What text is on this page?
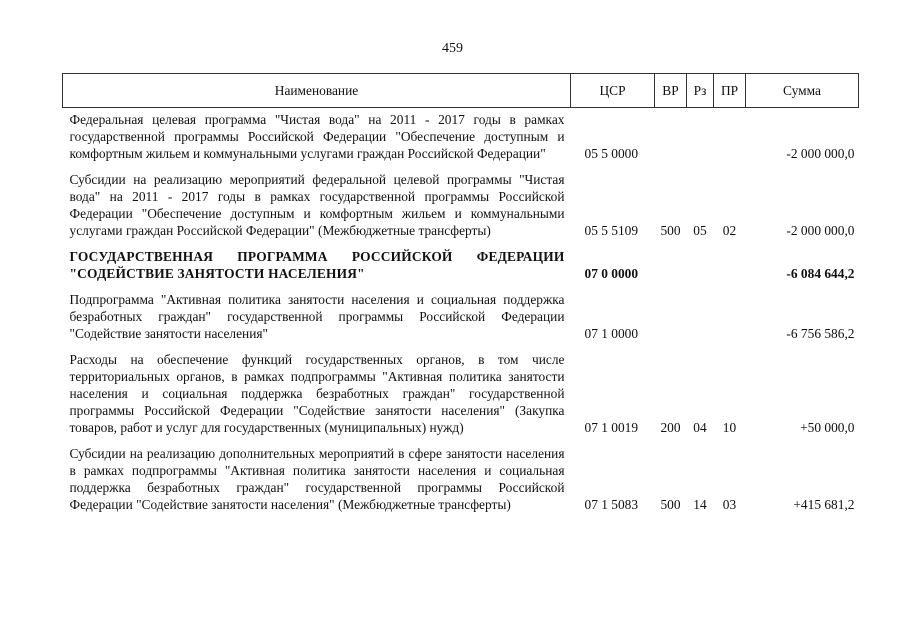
459
Наименование	ЦСР	ВР	Рз	ПР	Сумма
Федеральная целевая программа "Чистая вода" на 2011 - 2017 годы в рамках государственной программы Российской Федерации "Обеспечение доступным и комфортным жильем и коммунальными услугами граждан Российской Федерации"	05 5 0000				-2 000 000,0
Субсидии на реализацию мероприятий федеральной целевой программы "Чистая вода" на 2011 - 2017 годы в рамках государственной программы Российской Федерации "Обеспечение доступным и комфортным жильем и коммунальными услугами граждан Российской Федерации" (Межбюджетные трансферты)	05 5 5109	500	05	02	-2 000 000,0
ГОСУДАРСТВЕННАЯ ПРОГРАММА РОССИЙСКОЙ ФЕДЕРАЦИИ "СОДЕЙСТВИЕ ЗАНЯТОСТИ НАСЕЛЕНИЯ"	07 0 0000				-6 084 644,2
Подпрограмма "Активная политика занятости населения и социальная поддержка безработных граждан" государственной программы Российской Федерации "Содействие занятости населения"	07 1 0000				-6 756 586,2
Расходы на обеспечение функций государственных органов, в том числе территориальных органов, в рамках подпрограммы "Активная политика занятости населения и социальная поддержка безработных граждан" государственной программы Российской Федерации "Содействие занятости населения" (Закупка товаров, работ и услуг для государственных (муниципальных) нужд)	07 1 0019	200	04	10	+50 000,0
Субсидии на реализацию дополнительных мероприятий в сфере занятости населения в рамках подпрограммы "Активная политика занятости населения и социальная поддержка безработных граждан" государственной программы Российской Федерации "Содействие занятости населения" (Межбюджетные трансферты)	07 1 5083	500	14	03	+415 681,2
